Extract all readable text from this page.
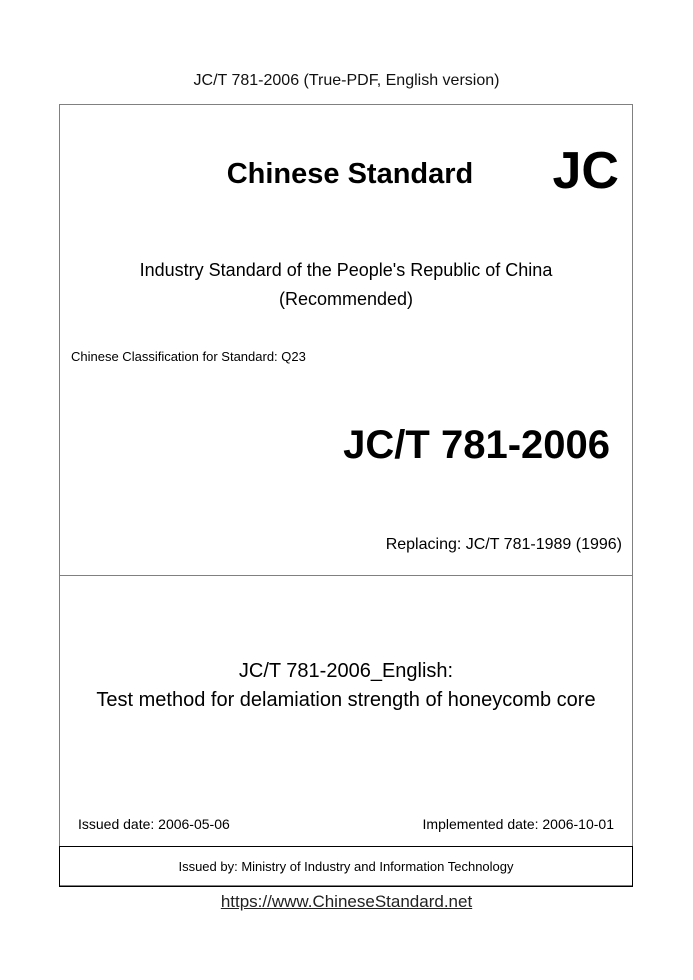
JC/T 781-2006 (True-PDF, English version)
Chinese Standard	JC
Industry Standard of the People's Republic of China
(Recommended)
Chinese Classification for Standard: Q23
JC/T 781-2006
Replacing: JC/T 781-1989 (1996)
JC/T 781-2006_English:
Test method for delamiation strength of honeycomb core
Issued date: 2006-05-06	Implemented date: 2006-10-01
Issued by: Ministry of Industry and Information Technology
https://www.ChineseStandard.net
